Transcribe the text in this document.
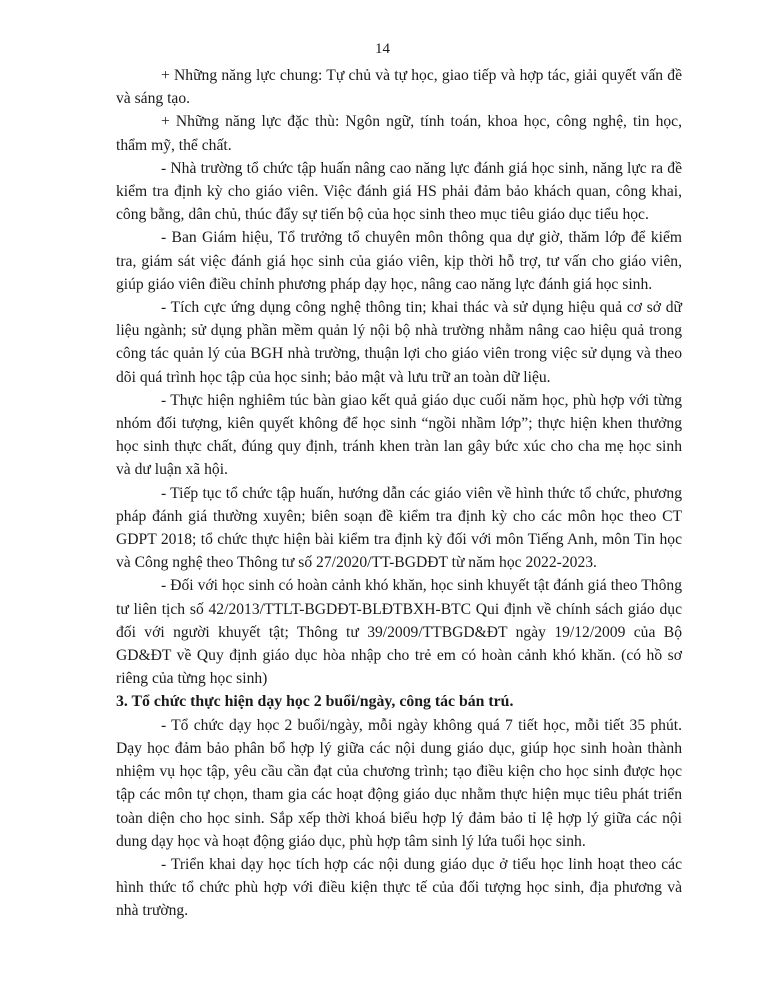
14

+ Những năng lực chung: Tự chủ và tự học, giao tiếp và hợp tác, giải quyết vấn đề và sáng tạo.

+ Những năng lực đặc thù: Ngôn ngữ, tính toán, khoa học, công nghệ, tin học, thẩm mỹ, thể chất.

- Nhà trường tổ chức tập huấn nâng cao năng lực đánh giá học sinh, năng lực ra đề kiểm tra định kỳ cho giáo viên. Việc đánh giá HS phải đảm bảo khách quan, công khai, công bằng, dân chủ, thúc đẩy sự tiến bộ của học sinh theo mục tiêu giáo dục tiểu học.

- Ban Giám hiệu, Tổ trưởng tổ chuyên môn thông qua dự giờ, thăm lớp để kiểm tra, giám sát việc đánh giá học sinh của giáo viên, kịp thời hỗ trợ, tư vấn cho giáo viên, giúp giáo viên điều chỉnh phương pháp dạy học, nâng cao năng lực đánh giá học sinh.

- Tích cực ứng dụng công nghệ thông tin; khai thác và sử dụng hiệu quả cơ sở dữ liệu ngành; sử dụng phần mềm quản lý nội bộ nhà trường nhằm nâng cao hiệu quả trong công tác quản lý của BGH nhà trường, thuận lợi cho giáo viên trong việc sử dụng và theo dõi quá trình học tập của học sinh; bảo mật và lưu trữ an toàn dữ liệu.

- Thực hiện nghiêm túc bàn giao kết quả giáo dục cuối năm học, phù hợp với từng nhóm đối tượng, kiên quyết không để học sinh “ngồi nhầm lớp”; thực hiện khen thưởng học sinh thực chất, đúng quy định, tránh khen tràn lan gây bức xúc cho cha mẹ học sinh và dư luận xã hội.

- Tiếp tục tổ chức tập huấn, hướng dẫn các giáo viên về hình thức tổ chức, phương pháp đánh giá thường xuyên; biên soạn đề kiểm tra định kỳ cho các môn học theo CT GDPT 2018; tổ chức thực hiện bài kiểm tra định kỳ đối với môn Tiếng Anh, môn Tin học và Công nghệ theo Thông tư số 27/2020/TT-BGDĐT từ năm học 2022-2023.

- Đối với học sinh có hoàn cảnh khó khăn, học sinh khuyết tật đánh giá theo Thông tư liên tịch số 42/2013/TTLT-BGDĐT-BLĐTBXH-BTC Qui định về chính sách giáo dục đối với người khuyết tật; Thông tư 39/2009/TTBGD&ĐT ngày 19/12/2009 của Bộ GD&ĐT về Quy định giáo dục hòa nhập cho trẻ em có hoàn cảnh khó khăn. (có hồ sơ riêng của từng học sinh)

3. Tổ chức thực hiện dạy học 2 buổi/ngày, công tác bán trú.

- Tổ chức dạy học 2 buổi/ngày, mỗi ngày không quá 7 tiết học, mỗi tiết 35 phút. Dạy học đảm bảo phân bổ hợp lý giữa các nội dung giáo dục, giúp học sinh hoàn thành nhiệm vụ học tập, yêu cầu cần đạt của chương trình; tạo điều kiện cho học sinh được học tập các môn tự chọn, tham gia các hoạt động giáo dục nhằm thực hiện mục tiêu phát triển toàn diện cho học sinh. Sắp xếp thời khoá biểu hợp lý đảm bảo tỉ lệ hợp lý giữa các nội dung dạy học và hoạt động giáo dục, phù hợp tâm sinh lý lứa tuổi học sinh.

- Triển khai dạy học tích hợp các nội dung giáo dục ở tiểu học linh hoạt theo các hình thức tổ chức phù hợp với điều kiện thực tế của đối tượng học sinh, địa phương và nhà trường.
